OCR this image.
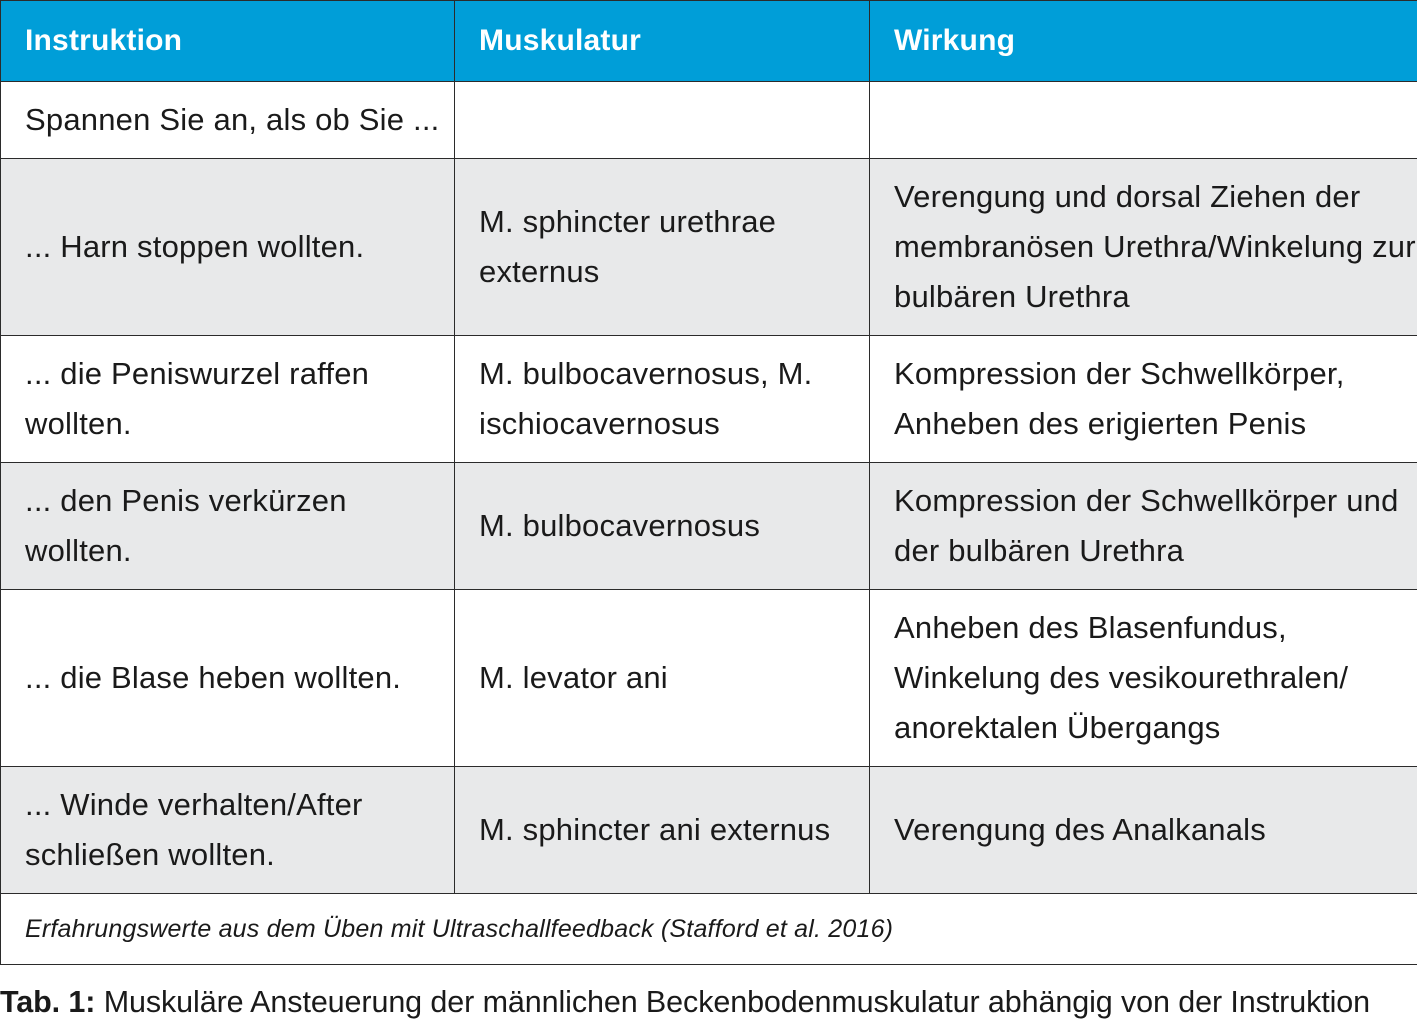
Instruktion	Muskulatur	Wirkung
Spannen Sie an, als ob Sie ...		
... Harn stoppen wollten.	M. sphincter urethrae externus	Verengung und dorsal Ziehen der membranösen Urethra/Winkelung zur bulbären Urethra
... die Peniswurzel raffen wollten.	M. bulbocavernosus, M. ischiocavernosus	Kompression der Schwellkörper, Anheben des erigierten Penis
... den Penis verkürzen wollten.	M. bulbocavernosus	Kompression der Schwellkörper und der bulbären Urethra
... die Blase heben wollten.	M. levator ani	Anheben des Blasenfundus, Winkelung des vesikourethralen/ anorektalen Übergangs
... Winde verhalten/After schließen wollten.	M. sphincter ani externus	Verengung des Analkanals
Erfahrungswerte aus dem Üben mit Ultraschallfeedback (Stafford et al. 2016)		
Tab. 1: Muskuläre Ansteuerung der männlichen Beckenbodenmuskulatur abhängig von der Instruktion
